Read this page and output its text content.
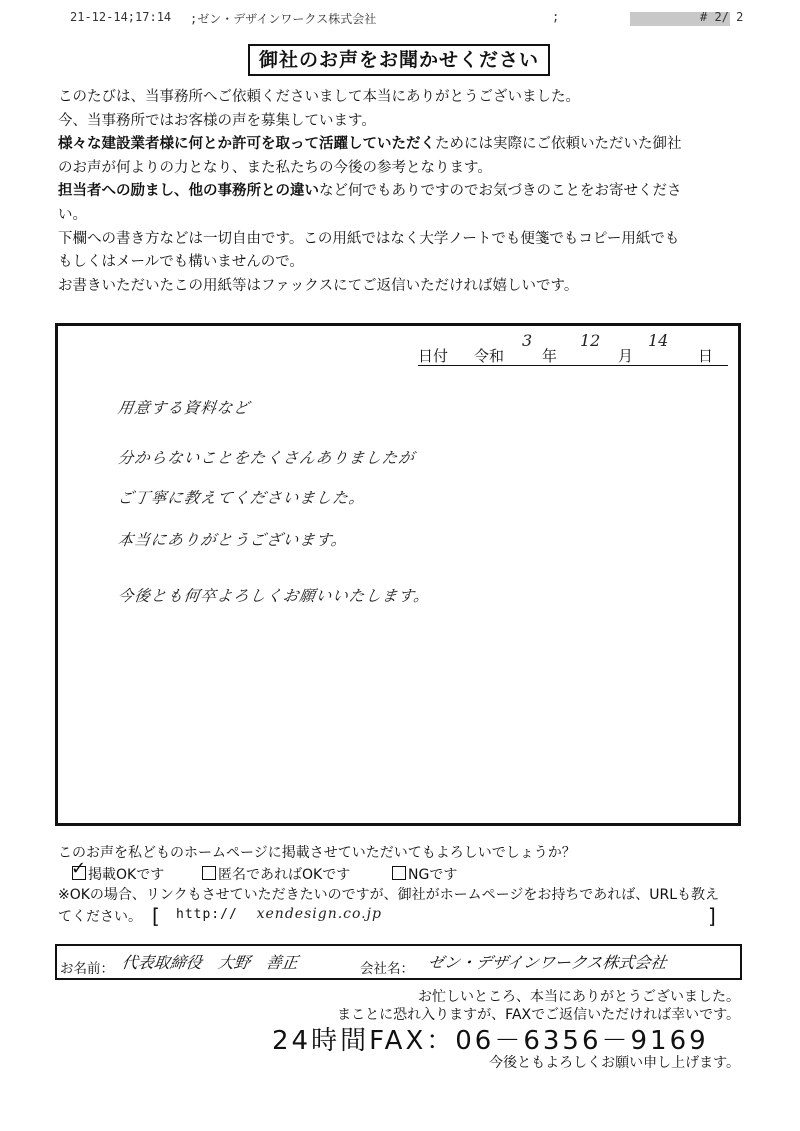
21-12-14;17:14 ;ゼン・デザインワークス株式会社	;	# 2/ 2
御社のお声をお聞かせください

このたびは、当事務所へご依頼くださいまして本当にありがとうございました。

今、当事務所ではお客様の声を募集しています。

様々な建設業者様に何とか許可を取って活躍していただくためには実際にご依頼いただいた御社

のお声が何よりの力となり、また私たちの今後の参考となります。

担当者への励まし、他の事務所との違いなど何でもありですのでお気づきのことをお寄せくださ

い。

下欄への書き方などは一切自由です。この用紙ではなく大学ノートでも便箋でもコピー用紙でも

もしくはメールでも構いませんので。

お書きいただいたこの用紙等はファックスにてご返信いただければ嬉しいです。

日付 令和
3
年
12
月
14
日
用意する資料など
分からないことをたくさんありましたが
ご丁寧に教えてくださいました。
本当にありがとうございます。
今後とも何卒よろしくお願いいたします。

このお声を私どものホームページに掲載させていただいてもよろしいでしょうか？

✓ 掲載OKです	匿名であればOKです	NGです

※OKの場合、リンクもさせていただきたいのですが、御社がホームページをお持ちであれば、URLも教え

てください。 [ http:// xendesign.co.jp	]
お名前： 代表取締役　大野　善正	会社名： ゼン・デザインワークス株式会社
お忙しいところ、本当にありがとうございました。
まことに恐れ入りますが、FAXでご返信いただければ幸いです。
24時間FAX：06－6356－9169
今後ともよろしくお願い申し上げます。
